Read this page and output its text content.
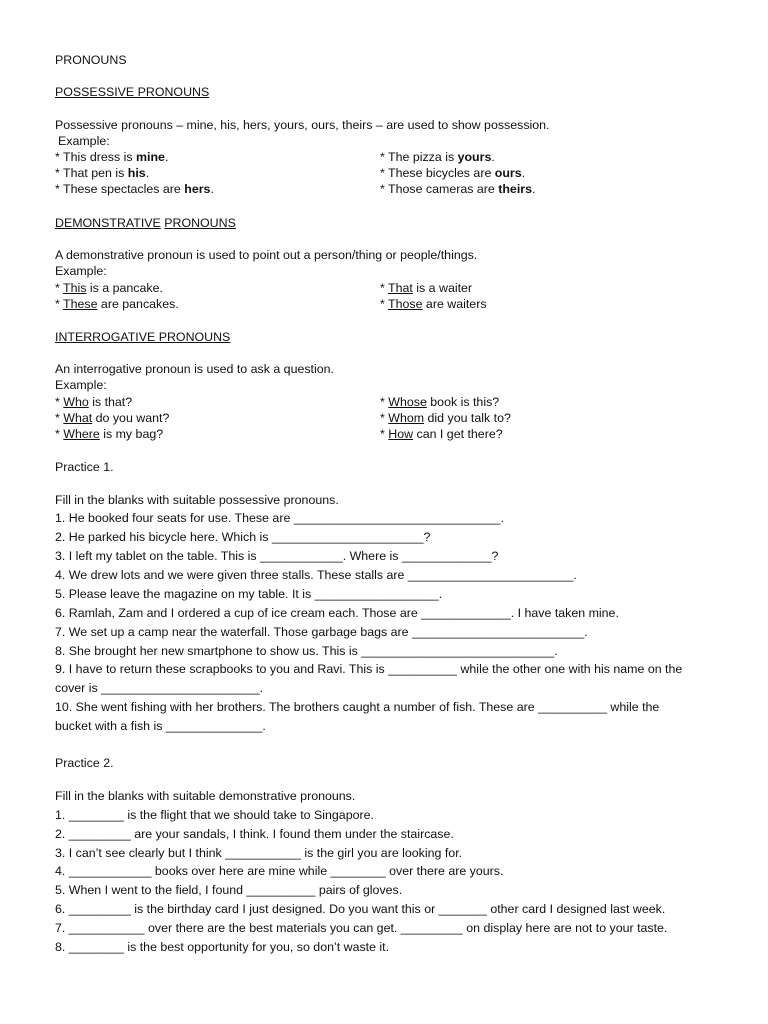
PRONOUNS
POSSESSIVE PRONOUNS
Possessive pronouns – mine, his, hers, yours, ours, theirs – are used to show possession.
Example:
* This dress is mine.
* That pen is his.
* These spectacles are hers.
* The pizza is yours.
* These bicycles are ours.
* Those cameras are theirs.
DEMONSTRATIVE PRONOUNS
A demonstrative pronoun is used to point out a person/thing or people/things.
Example:
* This is a pancake.
* These are pancakes.
* That is a waiter
* Those are waiters
INTERROGATIVE PRONOUNS
An interrogative pronoun is used to ask a question.
Example:
* Who is that?
* What do you want?
* Where is my bag?
* Whose book is this?
* Whom did you talk to?
* How can I get there?
Practice 1.
Fill in the blanks with suitable possessive pronouns.
1. He booked four seats for use. These are ______________________________.
2. He parked his bicycle here. Which is ______________________?
3. I left my tablet on the table. This is ____________. Where is _____________?
4. We drew lots and we were given three stalls. These stalls are ________________________.
5. Please leave the magazine on my table. It is __________________.
6. Ramlah, Zam and I ordered a cup of ice cream each. Those are _____________. I have taken mine.
7. We set up a camp near the waterfall. Those garbage bags are _________________________.
8. She brought her new smartphone to show us. This is ____________________________.
9. I have to return these scrapbooks to you and Ravi. This is __________ while the other one with his name on the
cover is _______________________.
10. She went fishing with her brothers. The brothers caught a number of fish. These are __________ while the
bucket with a fish is ______________.
Practice 2.
Fill in the blanks with suitable demonstrative pronouns.
1. ________ is the flight that we should take to Singapore.
2. _________ are your sandals, I think. I found them under the staircase.
3. I can’t see clearly but I think ___________ is the girl you are looking for.
4. ____________ books over here are mine while ________ over there are yours.
5. When I went to the field, I found __________ pairs of gloves.
6. _________ is the birthday card I just designed. Do you want this or _______ other card I designed last week.
7. ___________ over there are the best materials you can get. _________ on display here are not to your taste.
8. ________ is the best opportunity for you, so don’t waste it.
